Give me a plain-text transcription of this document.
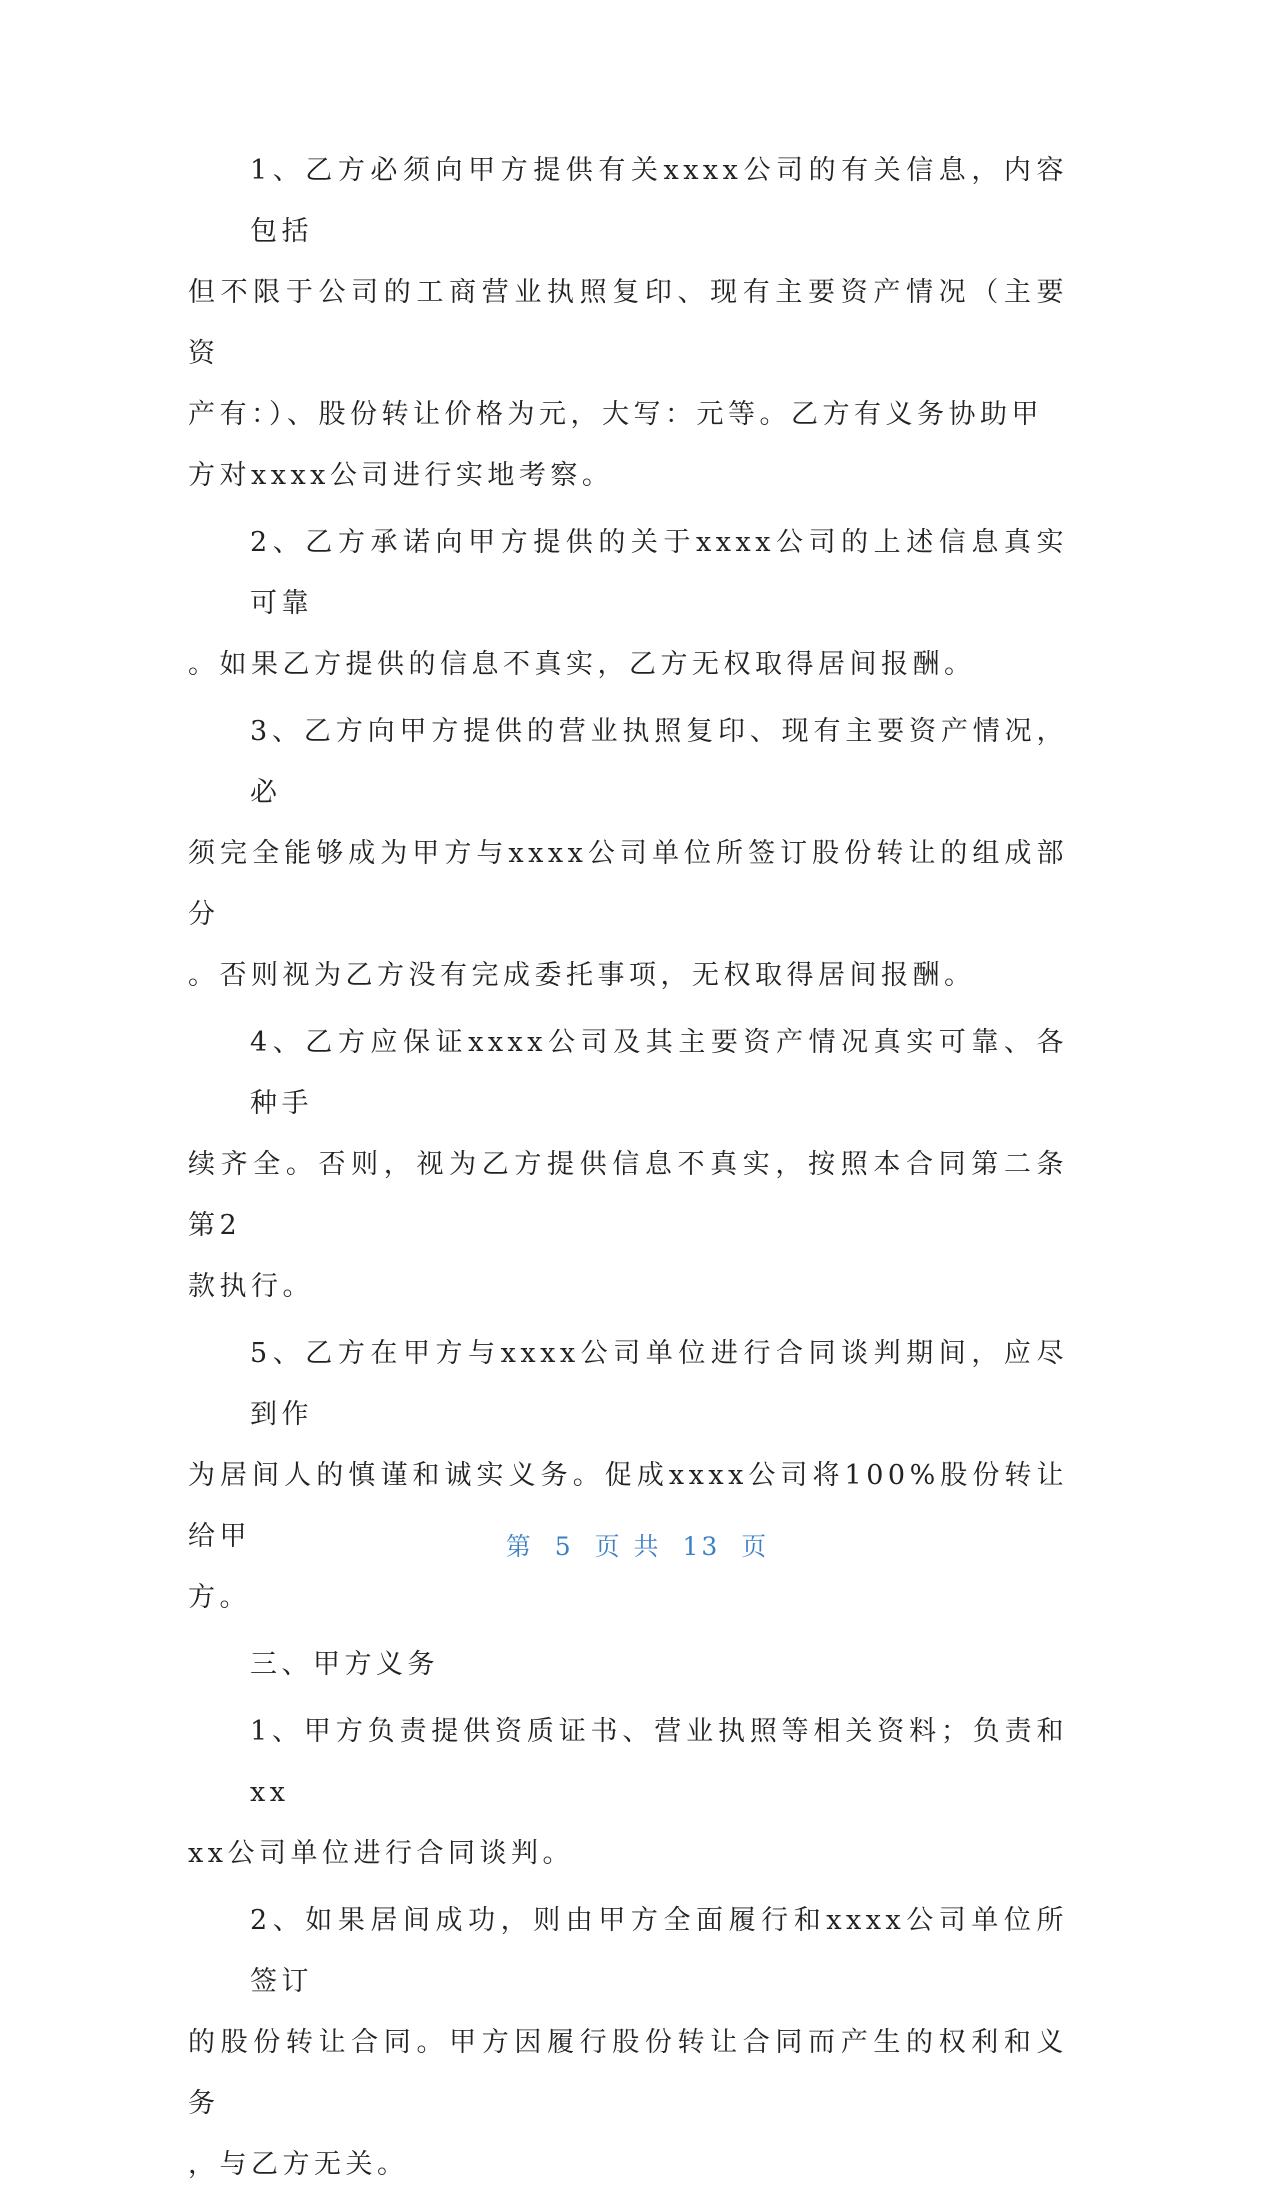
1、乙方必须向甲方提供有关xxxx公司的有关信息，内容包括
但不限于公司的工商营业执照复印、现有主要资产情况（主要资
产有：）、股份转让价格为元，大写：元等。乙方有义务协助甲
方对xxxx公司进行实地考察。

2、乙方承诺向甲方提供的关于xxxx公司的上述信息真实可靠
。如果乙方提供的信息不真实，乙方无权取得居间报酬。

3、乙方向甲方提供的营业执照复印、现有主要资产情况，必
须完全能够成为甲方与xxxx公司单位所签订股份转让的组成部分
。否则视为乙方没有完成委托事项，无权取得居间报酬。

4、乙方应保证xxxx公司及其主要资产情况真实可靠、各种手
续齐全。否则，视为乙方提供信息不真实，按照本合同第二条第2
款执行。

5、乙方在甲方与xxxx公司单位进行合同谈判期间，应尽到作
为居间人的慎谨和诚实义务。促成xxxx公司将100%股份转让给甲
方。

三、甲方义务

1、甲方负责提供资质证书、营业执照等相关资料；负责和xx
xx公司单位进行合同谈判。

2、如果居间成功，则由甲方全面履行和xxxx公司单位所签订
的股份转让合同。甲方因履行股份转让合同而产生的权利和义务
，与乙方无关。

第 5 页 共 13 页
